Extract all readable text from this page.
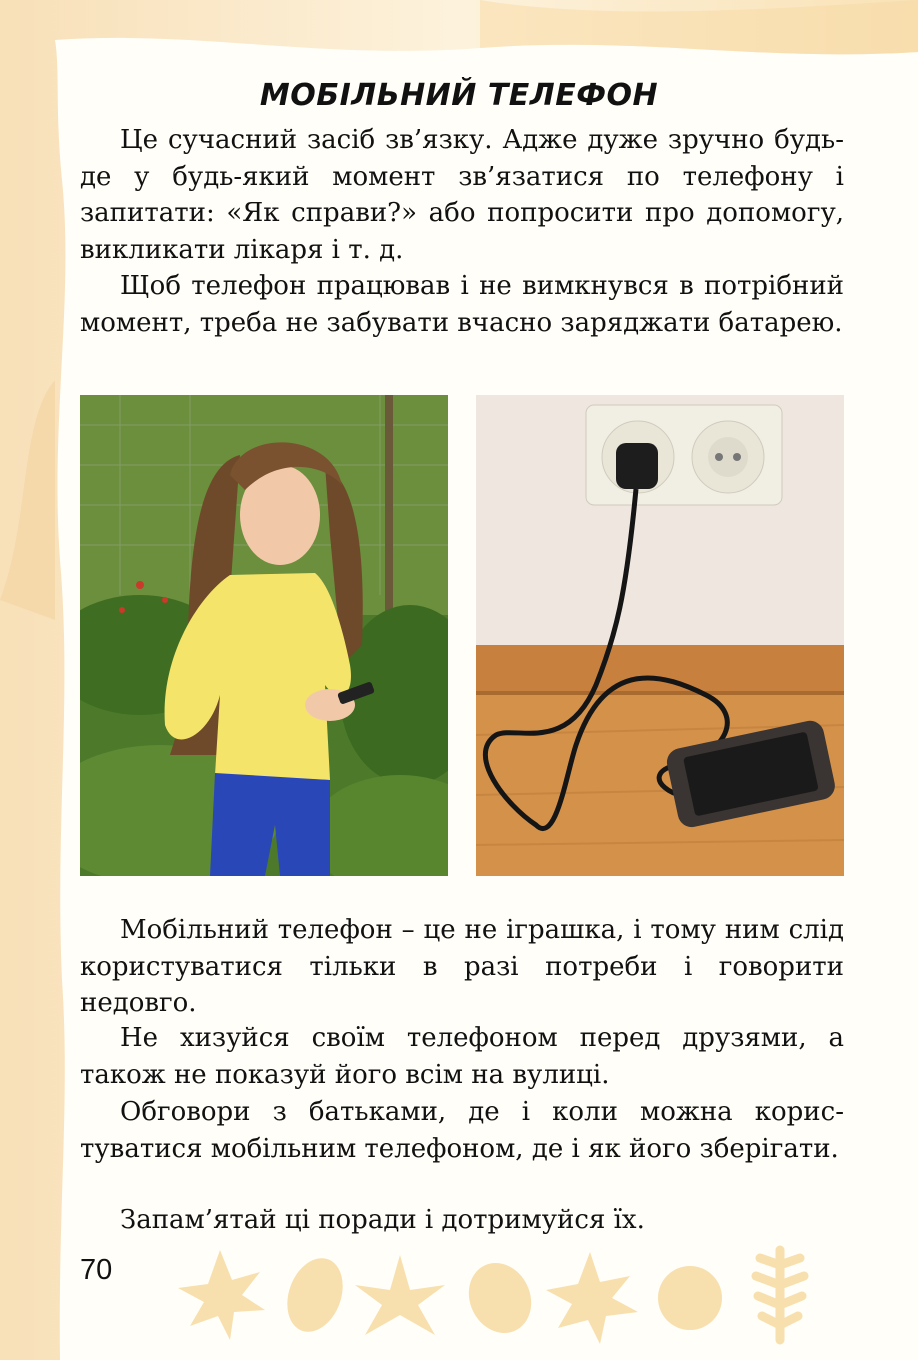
МОБІЛЬНИЙ ТЕЛЕФОН

Це сучасний засіб зв’язку. Адже дуже зручно будь-де у будь-який момент зв’язатися по телефону і запитати: «Як справи?» або попросити про допомогу, викликати лікаря і т. д.

Щоб телефон працював і не вимкнувся в потрібний момент, треба не забувати вчасно заряджати батарею.

Мобільний телефон – це не іграшка, і тому ним слід користуватися тільки в разі потреби і говорити недовго.

Не хизуйся своїм телефоном перед друзями, а також не показуй його всім на вулиці.

Обговори з батьками, де і коли можна користуватися мобільним телефоном, де і як його зберігати.

Запам’ятай ці поради і дотримуйся їх.

70
